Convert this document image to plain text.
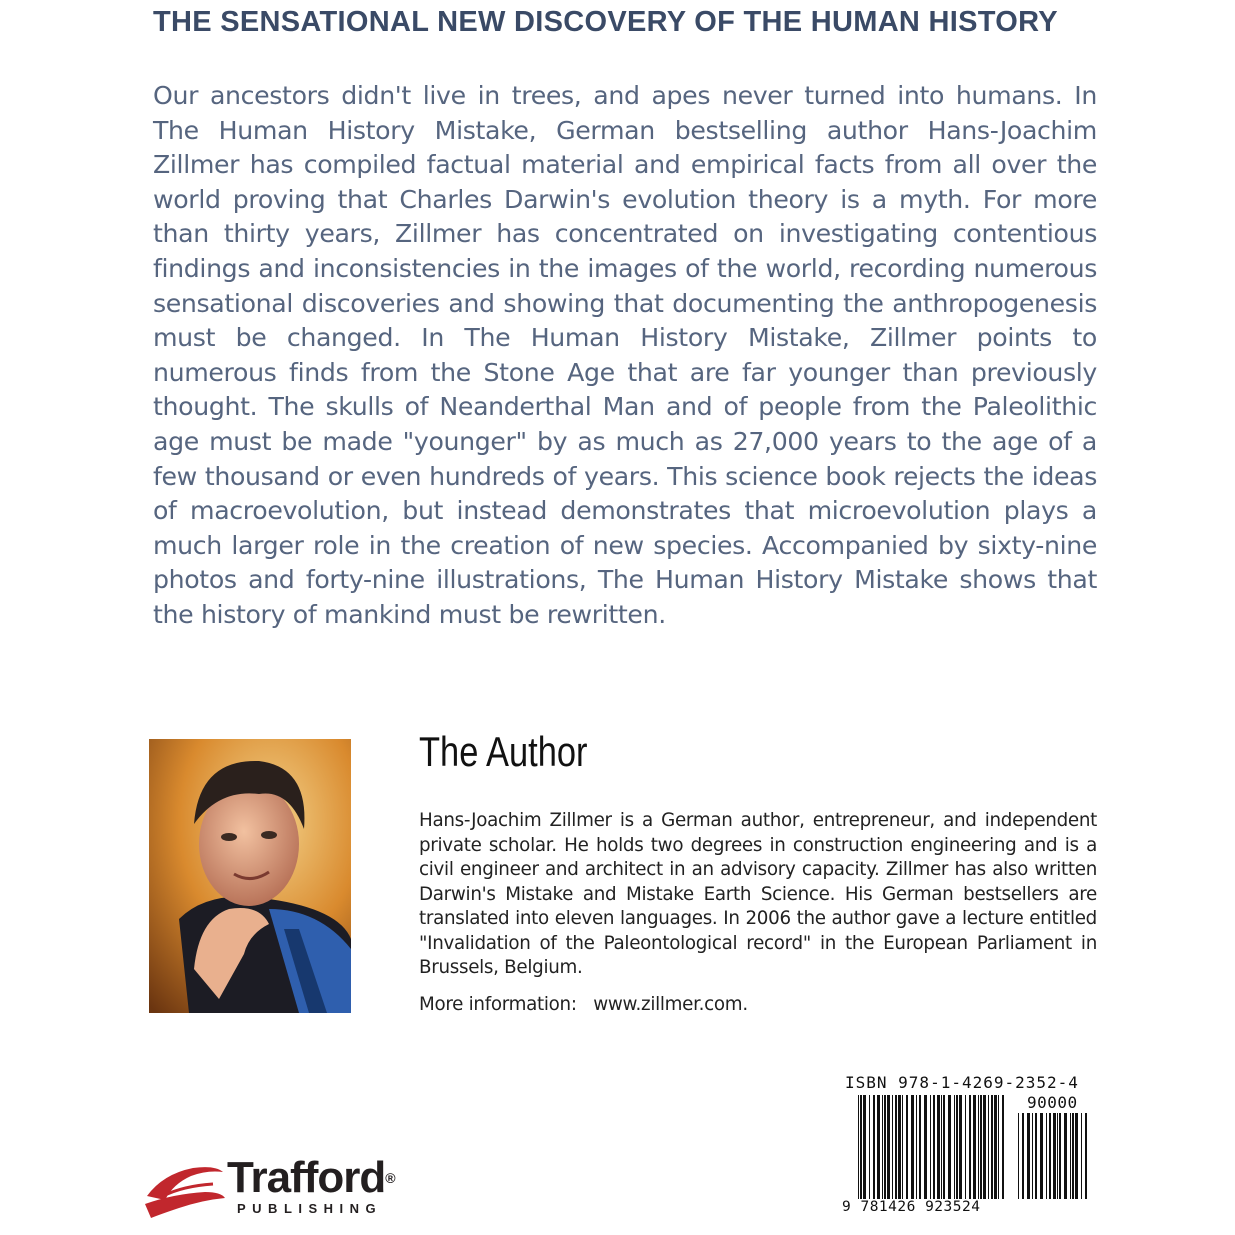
THE SENSATIONAL NEW DISCOVERY OF THE HUMAN HISTORY

Our ancestors didn't live in trees, and apes never turned into humans. In The Human History Mistake, German bestselling author Hans-Joachim Zillmer has compiled factual material and empirical facts from all over the world proving that Charles Darwin's evolution theory is a myth. For more than thirty years, Zillmer has concentrated on investigating contentious findings and inconsistencies in the images of the world, recording numerous sensational discoveries and showing that documenting the anthropogenesis must be changed. In The Human History Mistake, Zillmer points to numerous finds from the Stone Age that are far younger than previously thought. The skulls of Neanderthal Man and of people from the Paleolithic age must be made "younger" by as much as 27,000 years to the age of a few thousand or even hundreds of years. This science book rejects the ideas of macroevolution, but instead demonstrates that microevolution plays a much larger role in the creation of new species. Accompanied by sixty-nine photos and forty-nine illustrations, The Human History Mistake shows that the history of mankind must be rewritten.

The Author

Hans-Joachim Zillmer is a German author, entrepreneur, and independent private scholar. He holds two degrees in construction engineering and is a civil engineer and architect in an advisory capacity. Zillmer has also written Darwin's Mistake and Mistake Earth Science. His German bestsellers are translated into eleven languages. In 2006 the author gave a lecture entitled "Invalidation of the Paleontological record" in the European Parliament in Brussels, Belgium.

More information: www.zillmer.com.

Trafford®
PUBLISHING
ISBN 978-1-4269-2352-4
90000
9 781426 923524
